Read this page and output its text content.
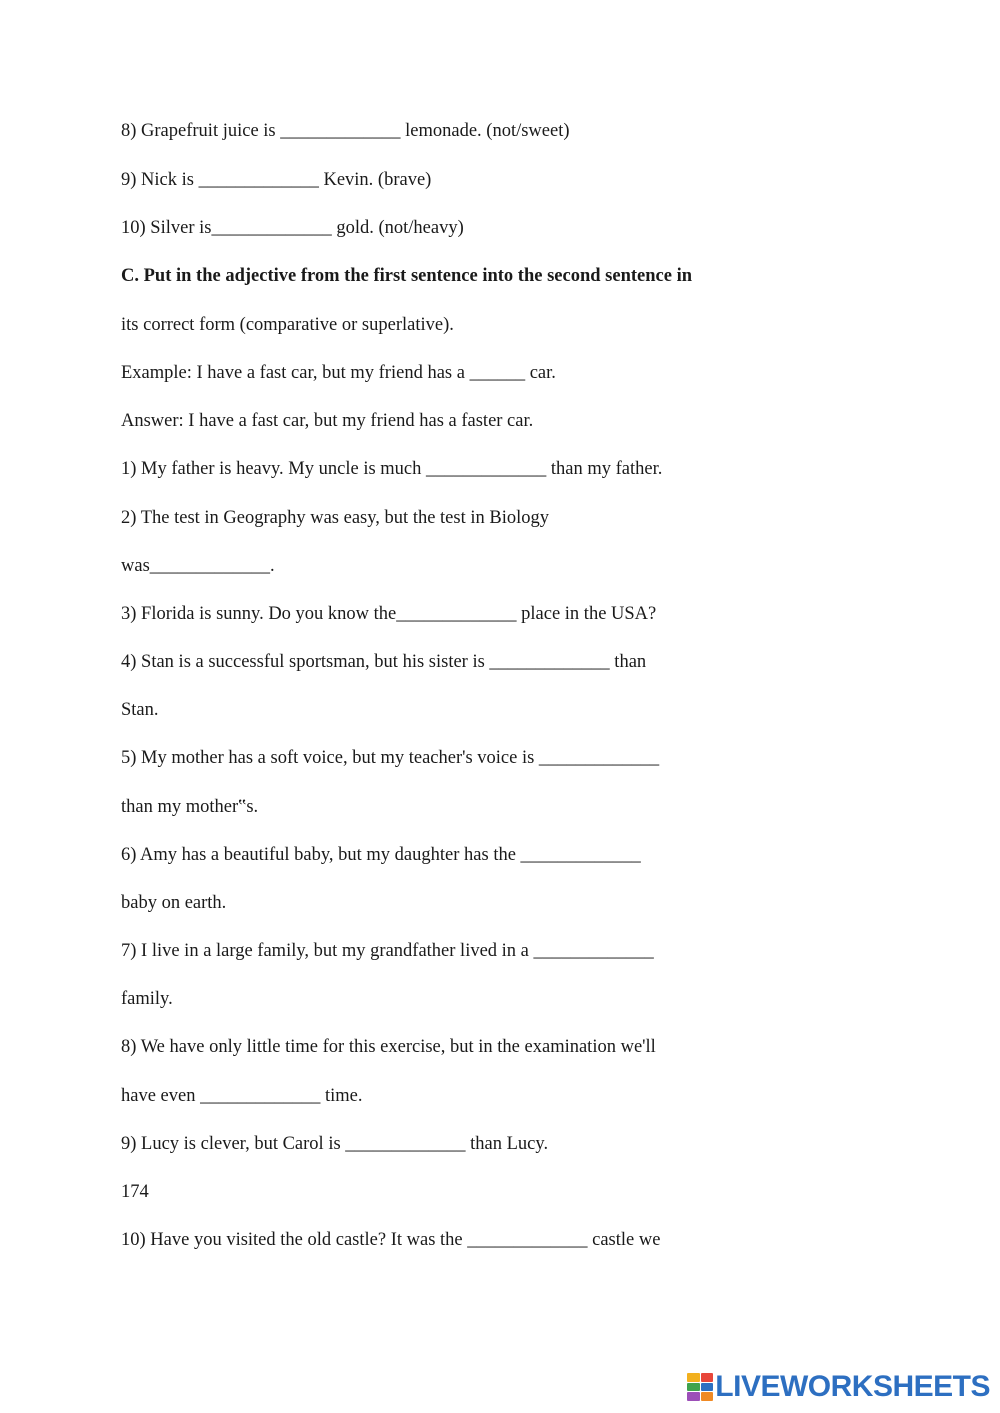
8) Grapefruit juice is _____________ lemonade. (not/sweet)
9) Nick is _____________ Kevin. (brave)
10) Silver is_____________ gold. (not/heavy)
C. Put in the adjective from the first sentence into the second sentence in
its correct form (comparative or superlative).
Example: I have a fast car, but my friend has a ______ car.
Answer: I have a fast car, but my friend has a faster car.
1) My father is heavy. My uncle is much _____________ than my father.
2) The test in Geography was easy, but the test in Biology
was_____________.
3) Florida is sunny. Do you know the_____________ place in the USA?
4) Stan is a successful sportsman, but his sister is _____________ than
Stan.
5) My mother has a soft voice, but my teacher's voice is _____________
than my mother‟s.
6) Amy has a beautiful baby, but my daughter has the _____________
baby on earth.
7) I live in a large family, but my grandfather lived in a _____________
family.
8) We have only little time for this exercise, but in the examination we'll
have even _____________ time.
9) Lucy is clever, but Carol is _____________ than Lucy.
174
10) Have you visited the old castle? It was the _____________ castle we
LIVEWORKSHEETS
